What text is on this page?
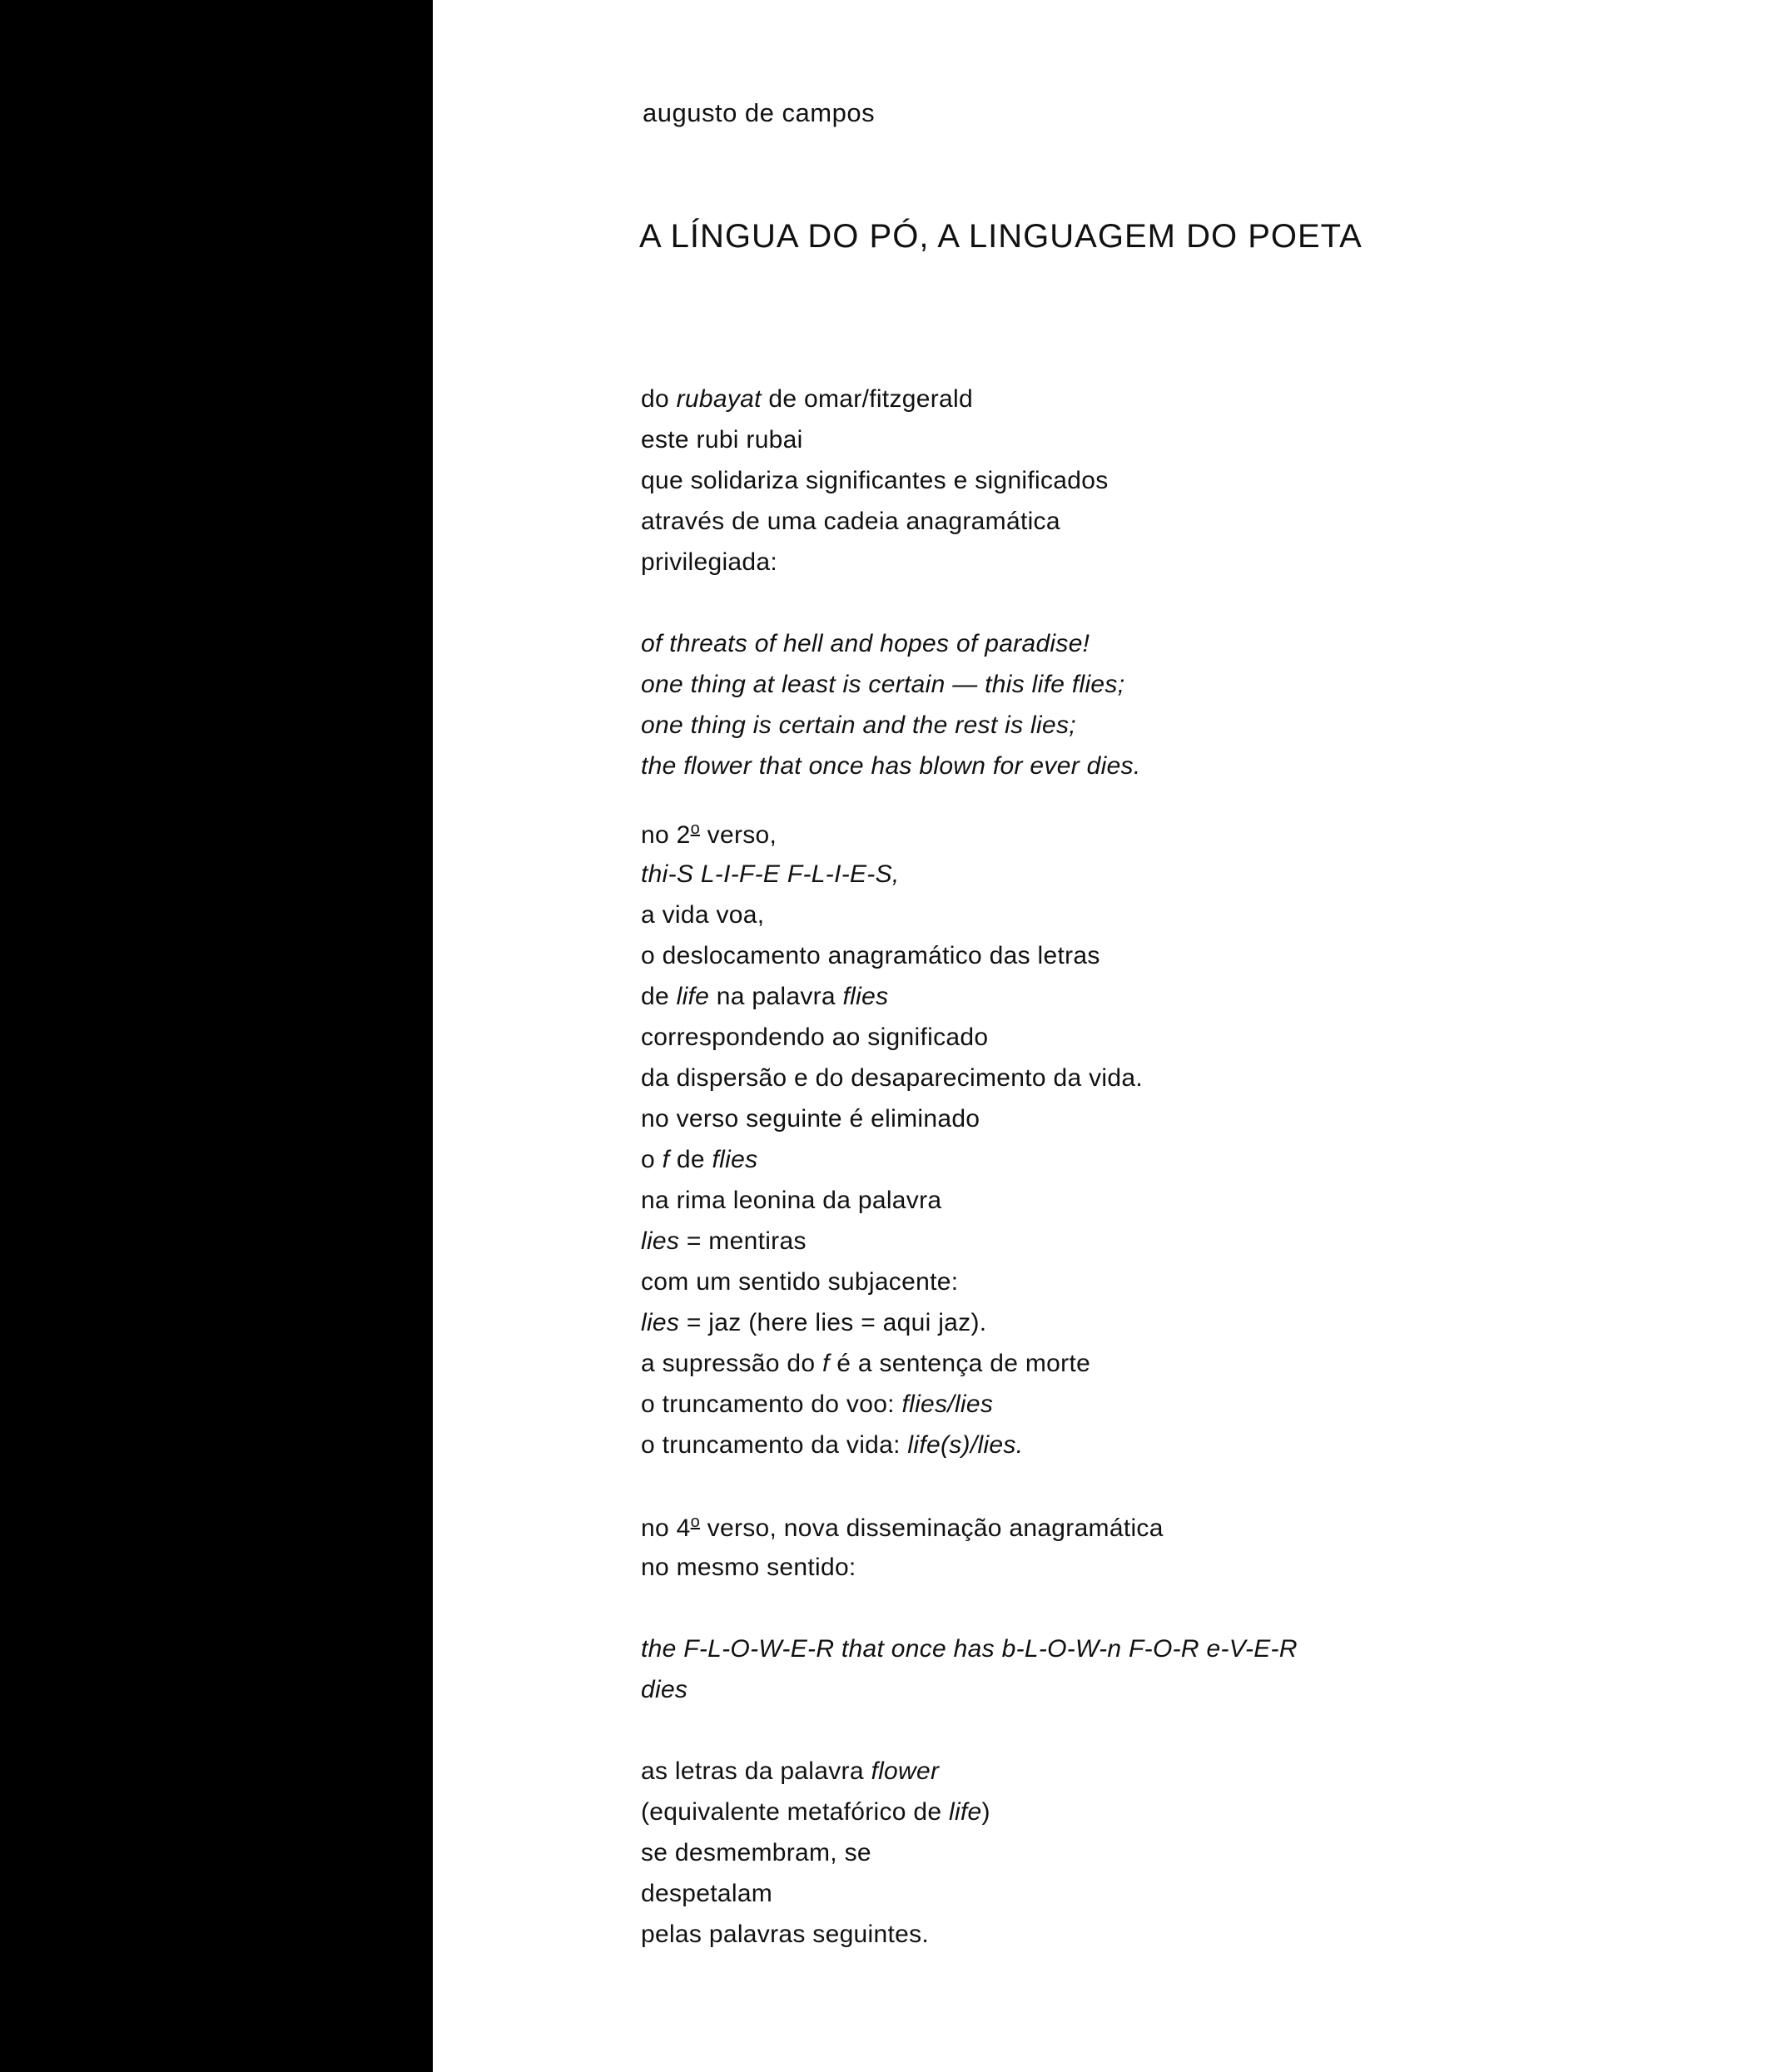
augusto de campos
A LÍNGUA DO PÓ, A LINGUAGEM DO POETA
do rubayat de omar/fitzgerald
este rubi rubai
que solidariza significantes e significados
através de uma cadeia anagramática
privilegiada:
of threats of hell and hopes of paradise!
one thing at least is certain — this life flies;
one thing is certain and the rest is lies;
the flower that once has blown for ever dies.
no 2$^o$ verso,
thi-S L-I-F-E F-L-I-E-S,
a vida voa,
o deslocamento anagramático das letras
de life na palavra flies
correspondendo ao significado
da dispersão e do desaparecimento da vida.
no verso seguinte é eliminado
o f de flies
na rima leonina da palavra
lies = mentiras
com um sentido subjacente:
lies = jaz (here lies = aqui jaz).
a supressão do f é a sentença de morte
o truncamento do voo: flies/lies
o truncamento da vida: life(s)/lies.
no 4$^o$ verso, nova disseminação anagramática
no mesmo sentido:
the F-L-O-W-E-R that once has b-L-O-W-n F-O-R e-V-E-R
dies
as letras da palavra flower
(equivalente metafórico de life)
se desmembram, se
despetalam
pelas palavras seguintes.
